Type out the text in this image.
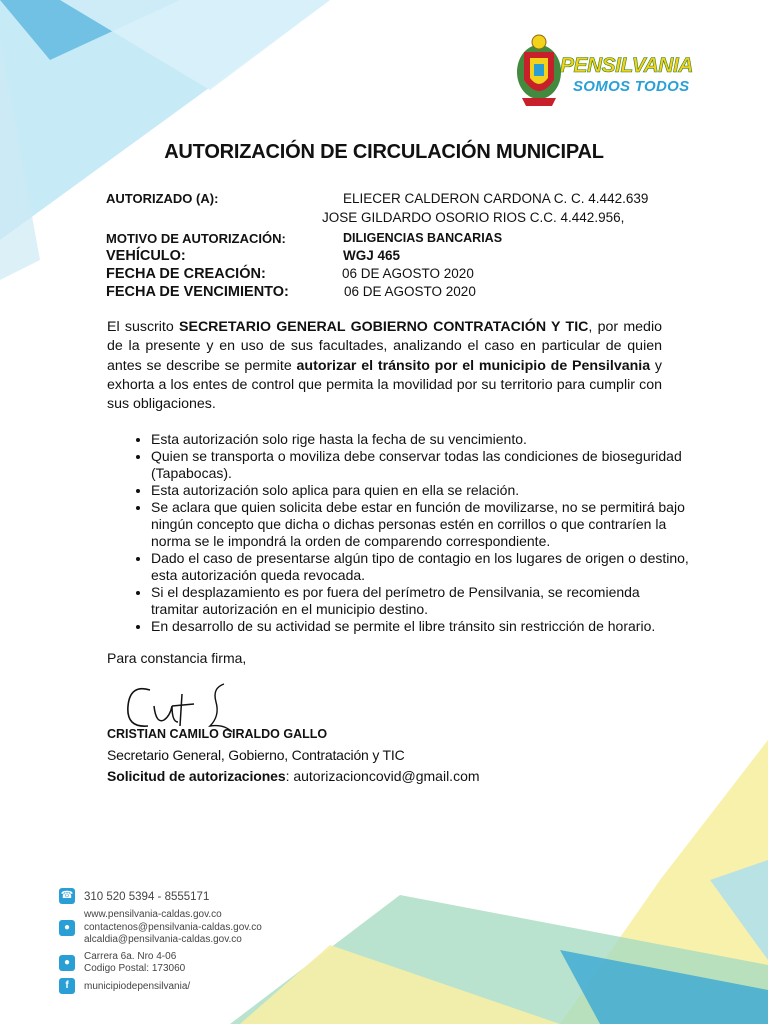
PENSILVANIA
SOMOS TODOS
AUTORIZACIÓN DE CIRCULACIÓN MUNICIPAL
AUTORIZADO (A):	ELIECER CALDERON CARDONA C. C. 4.442.639
JOSE GILDARDO OSORIO RIOS C.C. 4.442.956,
MOTIVO DE AUTORIZACIÓN:	DILIGENCIAS BANCARIAS
VEHÍCULO:	WGJ 465
FECHA DE CREACIÓN:	06 DE AGOSTO 2020
FECHA DE VENCIMIENTO:	06 DE AGOSTO 2020
El suscrito SECRETARIO GENERAL GOBIERNO CONTRATACIÓN Y TIC, por medio de la presente y en uso de sus facultades, analizando el caso en particular de quien antes se describe se permite autorizar el tránsito por el municipio de Pensilvania y exhorta a los entes de control que permita la movilidad por su territorio para cumplir con sus obligaciones.
• Esta autorización solo rige hasta la fecha de su vencimiento.
• Quien se transporta o moviliza debe conservar todas las condiciones de bioseguridad (Tapabocas).
• Esta autorización solo aplica para quien en ella se relación.
• Se aclara que quien solicita debe estar en función de movilizarse, no se permitirá bajo ningún concepto que dicha o dichas personas estén en corrillos o que contraríen la norma se le impondrá la orden de comparendo correspondiente.
• Dado el caso de presentarse algún tipo de contagio en los lugares de origen o destino, esta autorización queda revocada.
• Si el desplazamiento es por fuera del perímetro de Pensilvania, se recomienda tramitar autorización en el municipio destino.
• En desarrollo de su actividad se permite el libre tránsito sin restricción de horario.
Para constancia firma,
CRISTIAN CAMILO GIRALDO GALLO
Secretario General, Gobierno, Contratación y TIC
Solicitud de autorizaciones: autorizacioncovid@gmail.com
☎ 310 520 5394 - 8555171
www.pensilvania-caldas.gov.co
●	contactenos@pensilvania-caldas.gov.co
alcaldia@pensilvania-caldas.gov.co
●
Carrera 6a. Nro 4-06
Codigo Postal: 173060
f	municipiodepensilvania/
